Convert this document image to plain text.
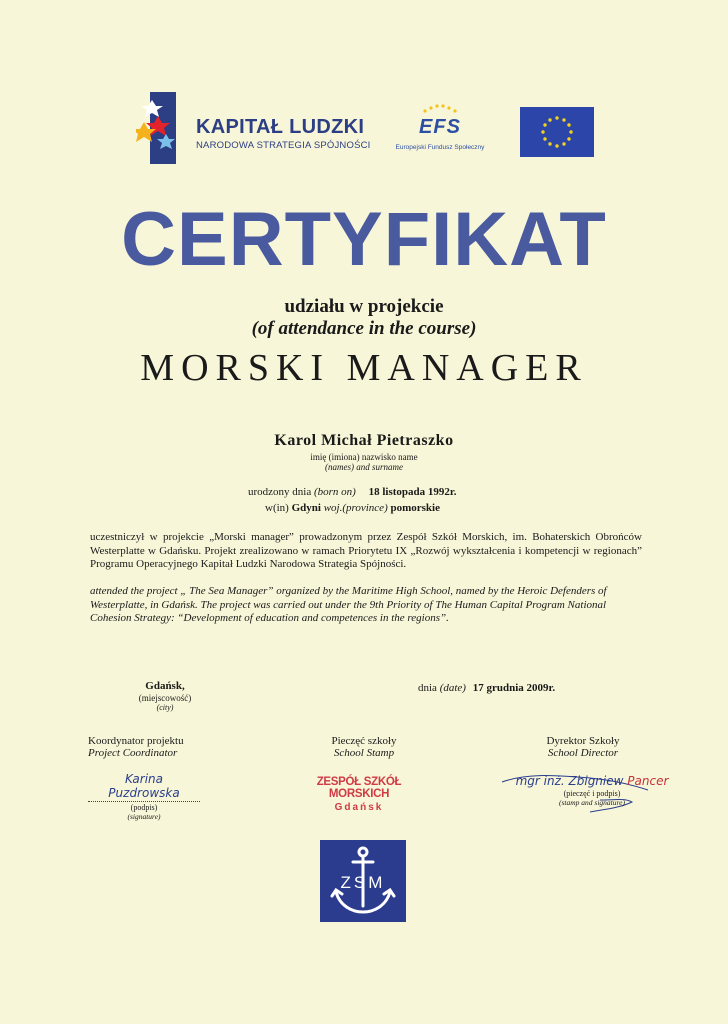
KAPITAŁ LUDZKI
NARODOWA STRATEGIA SPÓJNOŚCI
EFS
Europejski Fundusz Społeczny
CERTYFIKAT
udziału w projekcie
(of attendance in the course)
MORSKI MANAGER
Karol Michał Pietraszko
imię (imiona) nazwisko name
(names) and surname
urodzony dnia (born on) 18 listopada 1992r.
w(in) Gdyni woj.(province) pomorskie
uczestniczył w projekcie „Morski manager” prowadzonym przez Zespół Szkół Morskich, im. Bohaterskich Obrońców Westerplatte w Gdańsku. Projekt zrealizowano w ramach Priorytetu IX „Rozwój wykształcenia i kompetencji w regionach” Programu Operacyjnego Kapitał Ludzki Narodowa Strategia Spójności.
attended the project „ The Sea Manager” organized by the Maritime High School, named by the Heroic Defenders of Westerplatte, in Gdańsk. The project was carried out under the 9th Priority of The Human Capital Program National Cohesion Strategy: “Development of education and competences in the regions”.
Gdańsk,
(miejscowość)
(city)
dnia (date) 17 grudnia 2009r.
Koordynator projektu
Project Coordinator
Pieczęć szkoły
School Stamp
Dyrektor Szkoły
School Director
Karina Puzdrowska
(podpis)
(signature)
ZESPÓŁ SZKÓŁ MORSKICH
Gdańsk
mgr inż. Zbigniew Pancer
(pieczęć i podpis)
(stamp and signature)
ZSM
